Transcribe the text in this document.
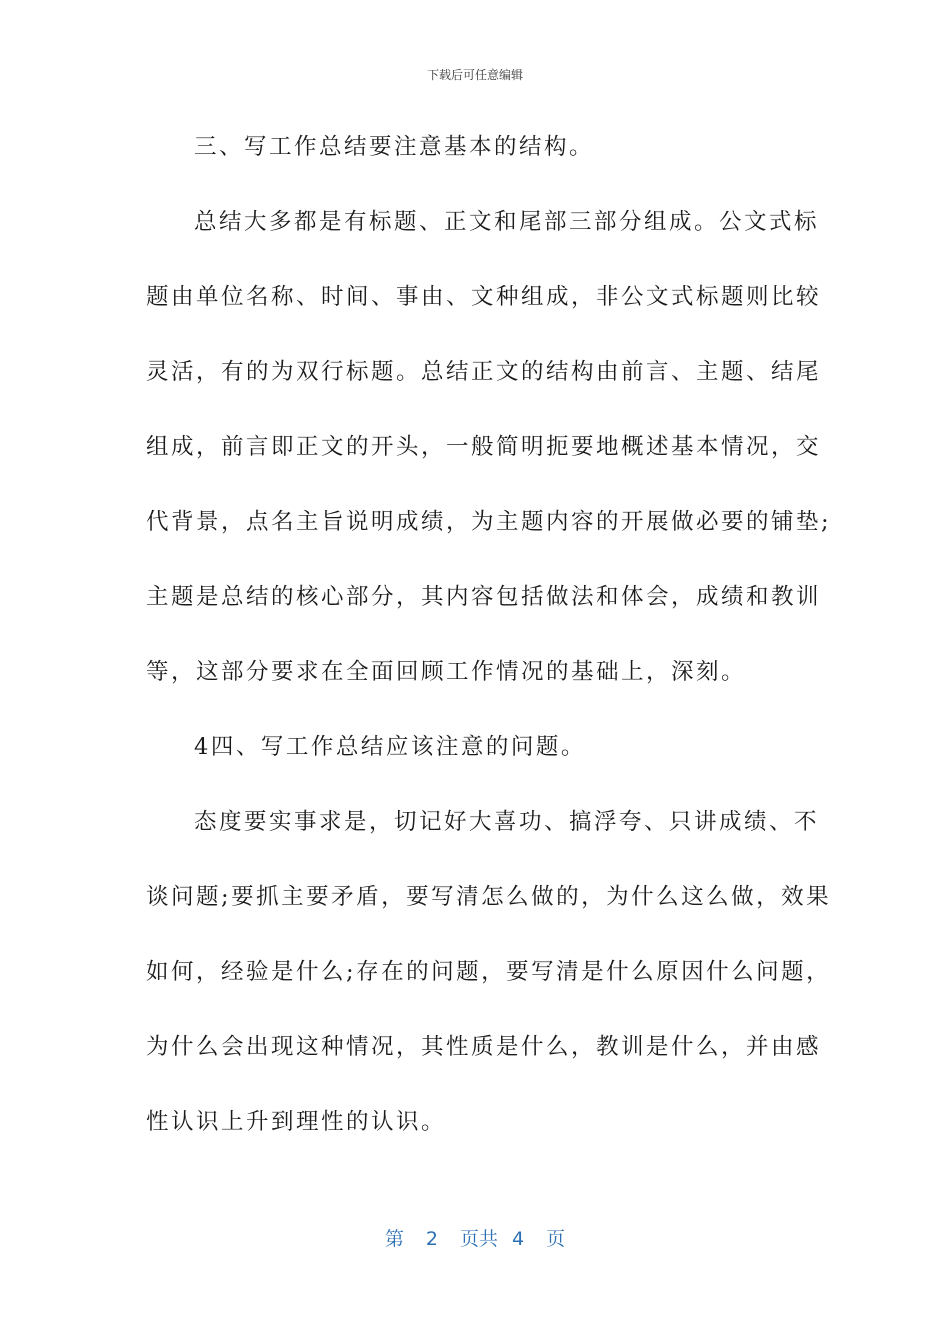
下载后可任意编辑
三、写工作总结要注意基本的结构。
总结大多都是有标题、正文和尾部三部分组成。公文式标
题由单位名称、时间、事由、文种组成，非公文式标题则比较
灵活，有的为双行标题。总结正文的结构由前言、主题、结尾
组成，前言即正文的开头，一般简明扼要地概述基本情况，交
代背景，点名主旨说明成绩，为主题内容的开展做必要的铺垫;
主题是总结的核心部分，其内容包括做法和体会，成绩和教训
等，这部分要求在全面回顾工作情况的基础上，深刻。
4四、写工作总结应该注意的问题。
态度要实事求是，切记好大喜功、搞浮夸、只讲成绩、不
谈问题;要抓主要矛盾，要写清怎么做的，为什么这么做，效果
如何，经验是什么;存在的问题，要写清是什么原因什么问题，
为什么会出现这种情况，其性质是什么，教训是什么，并由感
性认识上升到理性的认识。
第 2 页共 4 页
